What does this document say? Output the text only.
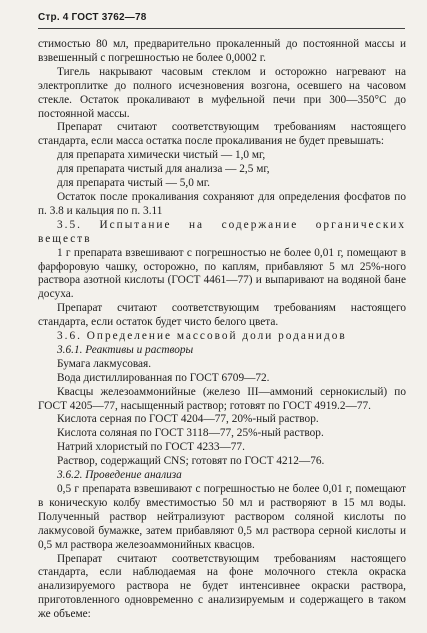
Стр. 4 ГОСТ 3762—78

стимостью 80 мл, предварительно прокаленный до постоянной массы и взвешенный с погрешностью не более 0,0002 г.

Тигель накрывают часовым стеклом и осторожно нагревают на электроплитке до полного исчезновения возгона, осевшего на часовом стекле. Остаток прокаливают в муфельной печи при 300—350°С до постоянной массы.

Препарат считают соответствующим требованиям настоящего стандарта, если масса остатка после прокаливания не будет превышать:

для препарата химически чистый — 1,0 мг,

для препарата чистый для анализа — 2,5 мг,

для препарата чистый — 5,0 мг.

Остаток после прокаливания сохраняют для определения фосфатов по п. 3.8 и кальция по п. 3.11

3.5. Испытание на содержание органических веществ

1 г препарата взвешивают с погрешностью не более 0,01 г, помещают в фарфоровую чашку, осторожно, по каплям, прибавляют 5 мл 25%-ного раствора азотной кислоты (ГОСТ 4461—77) и выпаривают на водяной бане досуха.

Препарат считают соответствующим требованиям настоящего стандарта, если остаток будет чисто белого цвета.

3.6. Определение массовой доли роданидов

3.6.1. Реактивы и растворы

Бумага лакмусовая.

Вода дистиллированная по ГОСТ 6709—72.

Квасцы железоаммонийные (железо III—аммоний сернокислый) по ГОСТ 4205—77, насыщенный раствор; готовят по ГОСТ 4919.2—77.

Кислота серная по ГОСТ 4204—77, 20%-ный раствор.

Кислота соляная по ГОСТ 3118—77, 25%-ный раствор.

Натрий хлористый по ГОСТ 4233—77.

Раствор, содержащий CNS; готовят по ГОСТ 4212—76.

3.6.2. Проведение анализа

0,5 г препарата взвешивают с погрешностью не более 0,01 г, помещают в коническую колбу вместимостью 50 мл и растворяют в 15 мл воды. Полученный раствор нейтрализуют раствором соляной кислоты по лакмусовой бумажке, затем прибавляют 0,5 мл раствора серной кислоты и 0,5 мл раствора железоаммонийных квасцов.

Препарат считают соответствующим требованиям настоящего стандарта, если наблюдаемая на фоне молочного стекла окраска анализируемого раствора не будет интенсивнее окраски раствора, приготовленного одновременно с анализируемым и содержащего в таком же объеме:
